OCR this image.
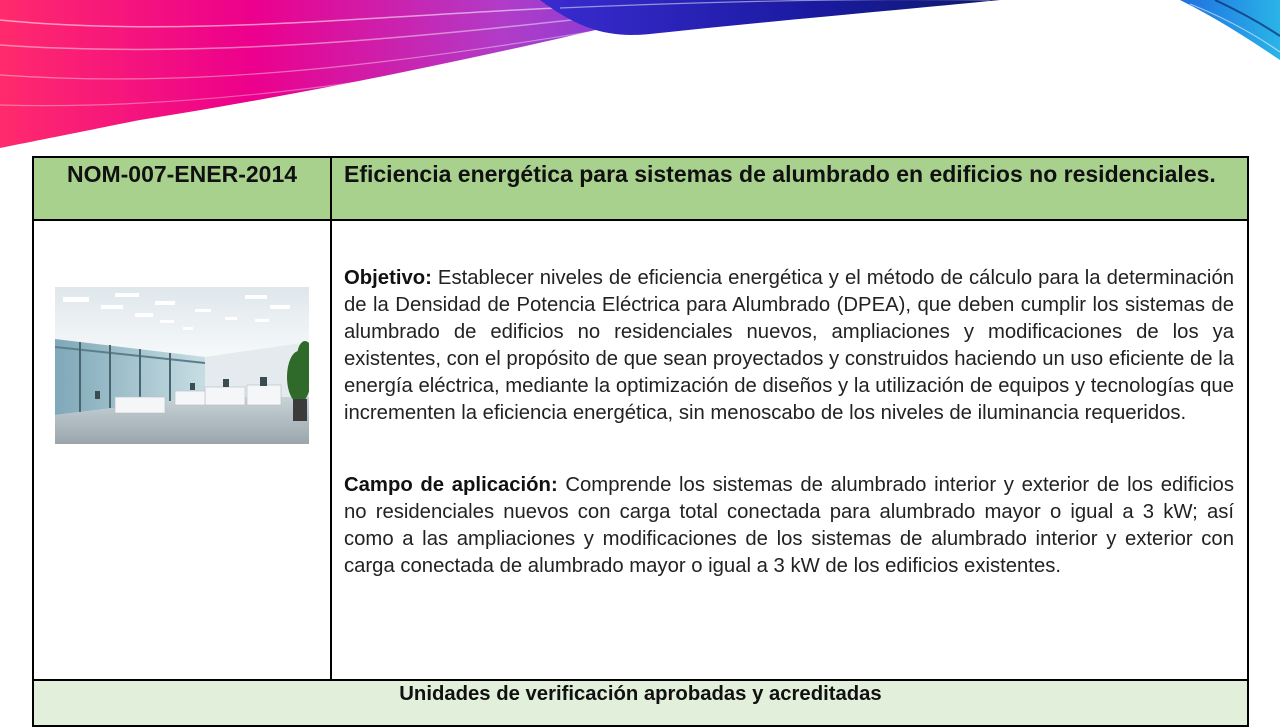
NOM-007-ENER-2014	Eficiencia energética para sistemas de alumbrado en edificios no residenciales.

Objetivo: Establecer niveles de eficiencia energética y el método de cálculo para la determinación de la Densidad de Potencia Eléctrica para Alumbrado (DPEA), que deben cumplir los sistemas de alumbrado de edificios no residenciales nuevos, ampliaciones y modificaciones de los ya existentes, con el propósito de que sean proyectados y construidos haciendo un uso eficiente de la energía eléctrica, mediante la optimización de diseños y la utilización de equipos y tecnologías que incrementen la eficiencia energética, sin menoscabo de los niveles de iluminancia requeridos.

Campo de aplicación: Comprende los sistemas de alumbrado interior y exterior de los edificios no residenciales nuevos con carga total conectada para alumbrado mayor o igual a 3 kW; así como a las ampliaciones y modificaciones de los sistemas de alumbrado interior y exterior con carga conectada de alumbrado mayor o igual a 3 kW de los edificios existentes.

Unidades de verificación aprobadas y acreditadas	
